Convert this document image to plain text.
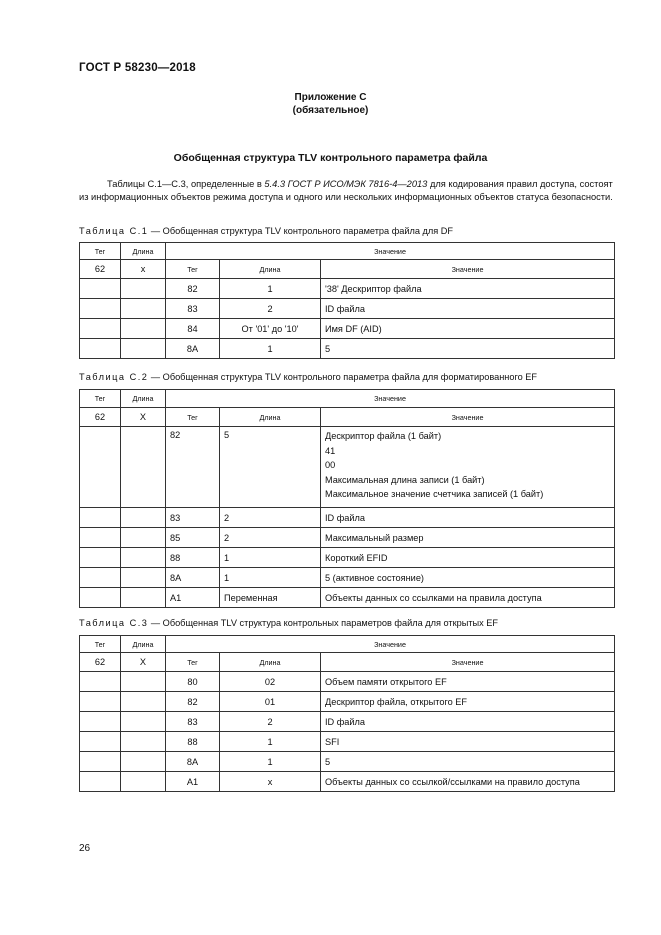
ГОСТ Р 58230—2018
Приложение С
(обязательное)
Обобщенная структура TLV контрольного параметра файла

Таблицы С.1—С.3, определенные в 5.4.3 ГОСТ Р ИСО/МЭК 7816-4—2013 для кодирования правил доступа, состоят из информационных объектов режима доступа и одного или нескольких информационных объектов статуса безопасности.

Таблица С.1 — Обобщенная структура TLV контрольного параметра файла для DF
Тег	Длина	Значение		
62	x	Тег	Длина	Значение
		82	1	'38' Дескриптор файла

		83	2	ID файла

		84	От '01' до '10'	Имя DF (AID)

		8A	1	5
Таблица С.2 — Обобщенная структура TLV контрольного параметра файла для форматированного EF
Тег	Длина	Значение		
62	X	Тег	Длина	Значение
		82	5	Дескриптор файла (1 байт)
41
00
Максимальная длина записи (1 байт)
Максимальное значение счетчика записей (1 байт)

		83	2	ID файла

		85	2	Максимальный размер

		88	1	Короткий EFID

		8A	1	5 (активное состояние)

		A1	Переменная	Объекты данных со ссылками на правила доступа
Таблица С.3 — Обобщенная TLV структура контрольных параметров файла для открытых EF
Тег	Длина	Значение		
62	X	Тег	Длина	Значение
		80	02	Объем памяти открытого EF

		82	01	Дескриптор файла, открытого EF

		83	2	ID файла

		88	1	SFI

		8A	1	5

		A1	x	Объекты данных со ссылкой/ссылками на правило доступа
26
